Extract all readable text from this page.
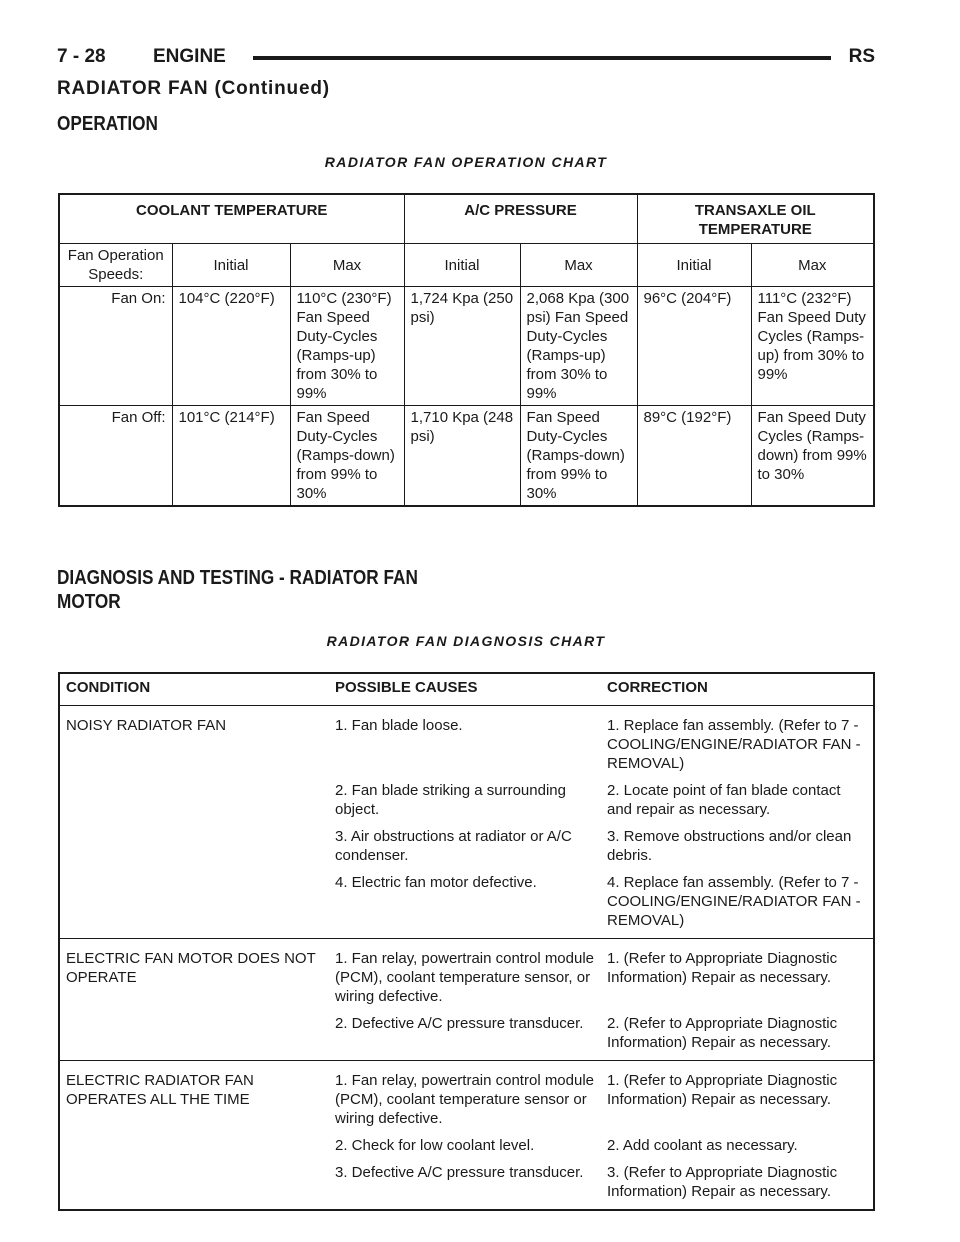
7 - 28 ENGINE	RS
RADIATOR FAN (Continued)
OPERATION
RADIATOR FAN OPERATION CHART
COOLANT TEMPERATURE			A/C PRESSURE		TRANSAXLE OIL TEMPERATURE	
Fan Operation Speeds:	Initial	Max	Initial	Max	Initial	Max
Fan On:	104°C (220°F)	110°C (230°F) Fan Speed Duty-Cycles (Ramps-up) from 30% to 99%	1,724 Kpa (250 psi)	2,068 Kpa (300 psi) Fan Speed Duty-Cycles (Ramps-up) from 30% to 99%	96°C (204°F)	111°C (232°F) Fan Speed Duty Cycles (Ramps-up) from 30% to 99%
Fan Off:	101°C (214°F)	Fan Speed Duty-Cycles (Ramps-down) from 99% to 30%	1,710 Kpa (248 psi)	Fan Speed Duty-Cycles (Ramps-down) from 99% to 30%	89°C (192°F)	Fan Speed Duty Cycles (Ramps-down) from 99% to 30%
DIAGNOSIS AND TESTING - RADIATOR FAN MOTOR
RADIATOR FAN DIAGNOSIS CHART
CONDITION	POSSIBLE CAUSES	CORRECTION
NOISY RADIATOR FAN	1. Fan blade loose.	1. Replace fan assembly. (Refer to 7 - COOLING/ENGINE/RADIATOR FAN - REMOVAL)
	2. Fan blade striking a surrounding object.	2. Locate point of fan blade contact and repair as necessary.
	3. Air obstructions at radiator or A/C condenser.	3. Remove obstructions and/or clean debris.
	4. Electric fan motor defective.	4. Replace fan assembly. (Refer to 7 - COOLING/ENGINE/RADIATOR FAN - REMOVAL)
ELECTRIC FAN MOTOR DOES NOT OPERATE	1. Fan relay, powertrain control module (PCM), coolant temperature sensor, or wiring defective.	1. (Refer to Appropriate Diagnostic Information) Repair as necessary.
	2. Defective A/C pressure transducer.	2. (Refer to Appropriate Diagnostic Information) Repair as necessary.
ELECTRIC RADIATOR FAN OPERATES ALL THE TIME	1. Fan relay, powertrain control module (PCM), coolant temperature sensor or wiring defective.	1. (Refer to Appropriate Diagnostic Information) Repair as necessary.
	2. Check for low coolant level.	2. Add coolant as necessary.
	3. Defective A/C pressure transducer.	3. (Refer to Appropriate Diagnostic Information) Repair as necessary.
